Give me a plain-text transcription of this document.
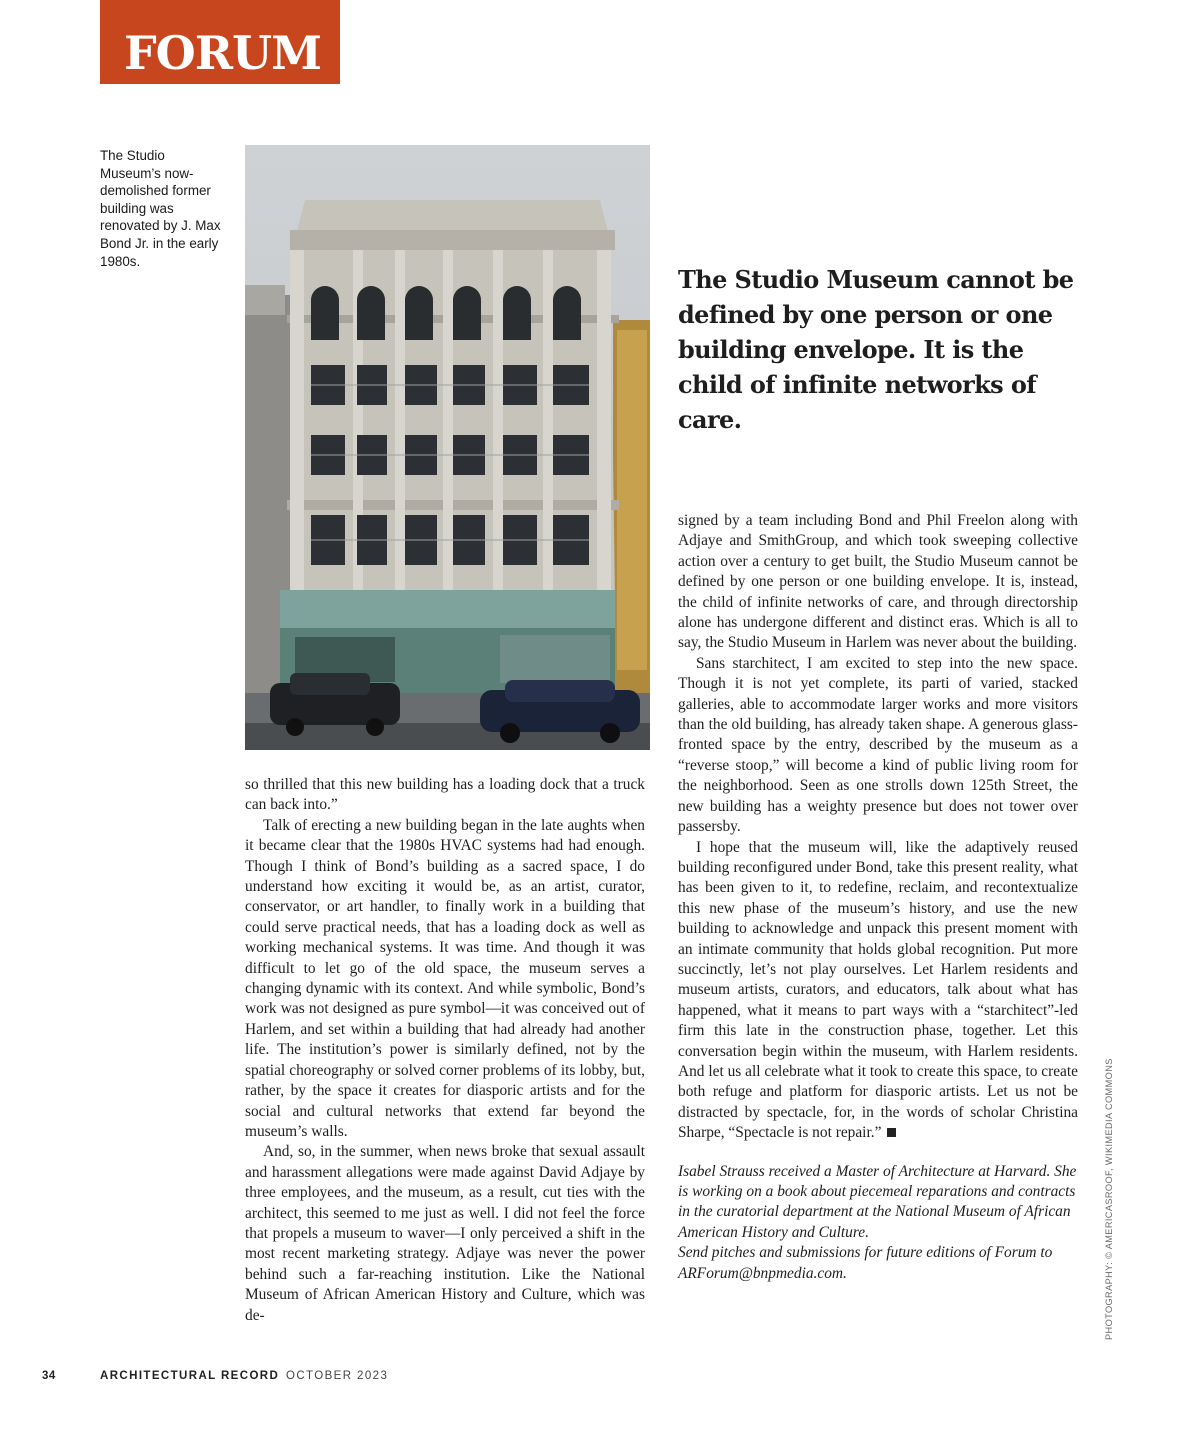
FORUM
The Studio Museum’s now-demolished former building was renovated by J. Max Bond Jr. in the early 1980s.
The Studio Museum cannot be defined by one person or one building envelope. It is the child of infinite networks of care.

so thrilled that this new building has a loading dock that a truck can back into.”

Talk of erecting a new building began in the late aughts when it became clear that the 1980s HVAC systems had had enough. Though I think of Bond’s building as a sacred space, I do understand how exciting it would be, as an artist, curator, conservator, or art handler, to finally work in a building that could serve practical needs, that has a loading dock as well as working mechanical systems. It was time. And though it was difficult to let go of the old space, the museum serves a changing dynamic with its context. And while symbolic, Bond’s work was not designed as pure symbol—it was conceived out of Harlem, and set within a building that had already had another life. The institution’s power is similarly defined, not by the spatial choreography or solved corner problems of its lobby, but, rather, by the space it creates for diasporic artists and for the social and cultural networks that extend far beyond the museum’s walls.

And, so, in the summer, when news broke that sexual assault and harassment allegations were made against David Adjaye by three employees, and the museum, as a result, cut ties with the architect, this seemed to me just as well. I did not feel the force that propels a museum to waver—I only perceived a shift in the most recent marketing strategy. Adjaye was never the power behind such a far-reaching institution. Like the National Museum of African American History and Culture, which was de-

signed by a team including Bond and Phil Freelon along with Adjaye and SmithGroup, and which took sweeping collective action over a century to get built, the Studio Museum cannot be defined by one person or one building envelope. It is, instead, the child of infinite networks of care, and through directorship alone has undergone different and distinct eras. Which is all to say, the Studio Museum in Harlem was never about the building.

Sans starchitect, I am excited to step into the new space. Though it is not yet complete, its parti of varied, stacked galleries, able to accommodate larger works and more visitors than the old building, has already taken shape. A generous glass-fronted space by the entry, described by the museum as a “reverse stoop,” will become a kind of public living room for the neighborhood. Seen as one strolls down 125th Street, the new building has a weighty presence but does not tower over passersby.

I hope that the museum will, like the adaptively reused building reconfigured under Bond, take this present reality, what has been given to it, to redefine, reclaim, and recontextualize this new phase of the museum’s history, and use the new building to acknowledge and unpack this present moment with an intimate community that holds global recognition. Put more succinctly, let’s not play ourselves. Let Harlem residents and museum artists, curators, and educators, talk about what has happened, what it means to part ways with a “starchitect”-led firm this late in the construction phase, together. Let this conversation begin within the museum, with Harlem residents. And let us all celebrate what it took to create this space, to create both refuge and platform for diasporic artists. Let us not be distracted by spectacle, for, in the words of scholar Christina Sharpe, “Spectacle is not repair.”

Isabel Strauss received a Master of Architecture at Harvard. She is working on a book about piecemeal reparations and contracts in the curatorial department at the National Museum of African American History and Culture.

Send pitches and submissions for future editions of Forum to ARForum@bnpmedia.com.	PHOTOGRAPHY: © AMERICASROOF, WIKIMEDIA COMMONS
34	ARCHITECTURAL RECORD OCTOBER 2023
